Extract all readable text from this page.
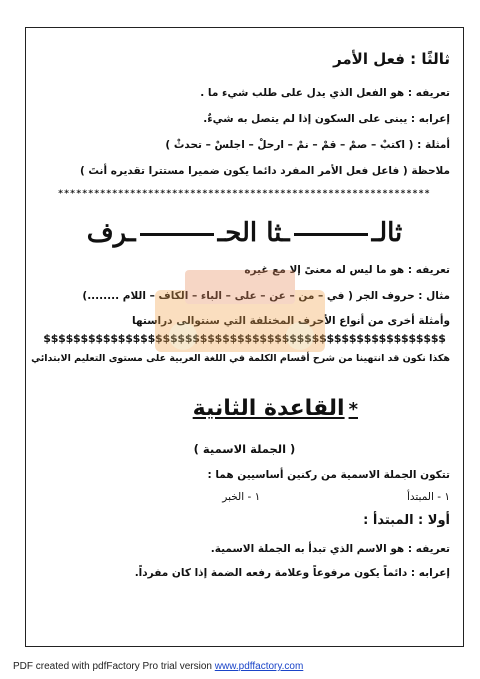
ثالثًا : فعل الأمر
تعريفه : هو الفعل الذي يدل على طلب شيء ما .
إعرابه : يبنى على السكون إذا لم يتصل به شيءٌ.
أمثلة : ( اكتبْ – صمْ – قمْ – نمْ – ارحلْ – اجلسْ – تحدثْ )
ملاحظة ( فاعل فعل الأمر المفرد دائما يكون ضميرا مستترا تقديره أنتَ )
**************************************************************
ثالــثا الحــرف
تعريفه : هو ما ليس له معنىً إلا مع غيره
مثال : حروف الجر ( في – من – عن – على – الباء – الكاف – اللام ........)
وأمثلة أخرى من أنواع الأحرف المختلفة التي سنتوالى دراستها
$$$$$$$$$$$$$$$$$$$$$$$$$$$$$$$$$$$$$$$$$$$$$$$$$$$$$$
هكذا نكون قد انتهينا من شرح أقسام الكلمة في اللغة العربية على مستوى التعليم الابتدائي
*القاعدة الثانية
( الجملة الاسمية )
تتكون الجملة الاسمية من ركنين أساسيين هما :
١ - المبتدأ  ١ - الخبر
أولا : المبتدأ :
تعريفه : هو الاسم الذي تبدأ به الجملة الاسمية.
إعرابه : دائماً يكون مرفوعاً وعلامة رفعه الضمة إذا كان مفرداً.
PDF created with pdfFactory Pro trial version www.pdffactory.com
